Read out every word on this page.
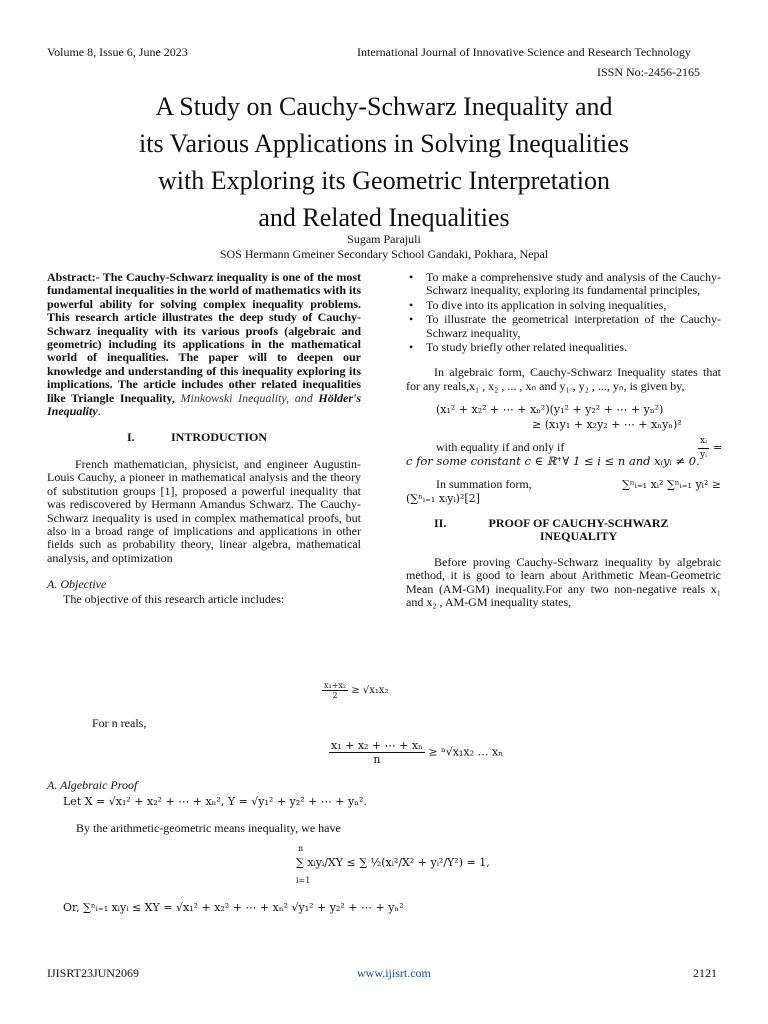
Volume 8, Issue 6, June 2023	International Journal of Innovative Science and Research Technology
ISSN No:-2456-2165
A Study on Cauchy-Schwarz Inequality and
its Various Applications in Solving Inequalities
with Exploring its Geometric Interpretation
and Related Inequalities
Sugam Parajuli
SOS Hermann Gmeiner Secondary School Gandaki, Pokhara, Nepal
Abstract:- The Cauchy-Schwarz inequality is one of the most fundamental inequalities in the world of mathematics with its powerful ability for solving complex inequality problems. This research article illustrates the deep study of Cauchy-Schwarz inequality with its various proofs (algebraic and geometric) including its applications in the mathematical world of inequalities. The paper will to deepen our knowledge and understanding of this inequality exploring its implications. The article includes other related inequalities like Triangle Inequality, Minkowski Inequality, and Hölder's Inequality.
I.	INTRODUCTION
French mathematician, physicist, and engineer Augustin-Louis Cauchy, a pioneer in mathematical analysis and the theory of substitution groups [1], proposed a powerful inequality that was rediscovered by Hermann Amandus Schwarz. The Cauchy-Schwarz inequality is used in complex mathematical proofs, but also in a broad range of implications and applications in other fields such as probability theory, linear algebra, mathematical analysis, and optimization
A. Objective
The objective of this research article includes:
• To make a comprehensive study and analysis of the Cauchy-Schwarz inequality, exploring its fundamental principles,
• To dive into its application in solving inequalities,
• To illustrate the geometrical interpretation of the Cauchy-Schwarz inequality,
• To study briefly other related inequalities.
In algebraic form, Cauchy-Schwarz Inequality states that for any reals,x₁ , x₂ , ... , xₙ and y₁ , y₂ , ..., yₙ, is given by,
(x₁² + x₂² + ⋯ + xₙ²)(y₁² + y₂² + ⋯ + yₙ²)
≥ (x₁y₁ + x₂y₂ + ⋯ + xₙyₙ)²
with equality if and only if	$\frac{\text{xᵢ}}{\text{yᵢ}}$ =
c for some constant c ∈ ℝ⁺∀ 1 ≤ i ≤ n and xᵢyᵢ ≠ 0.
In summation form,	∑ⁿᵢ₌₁ xᵢ² ∑ⁿᵢ₌₁ yᵢ² ≥
(∑ⁿᵢ₌₁ xᵢyᵢ)²[2]
II.	PROOF OF CAUCHY-SCHWARZ
INEQUALITY
Before proving Cauchy-Schwarz inequality by algebraic method, it is good to learn about Arithmetic Mean-Geometric Mean (AM-GM) inequality.For any two non-negative reals x₁ and x₂ , AM-GM inequality states,
$\frac{\text{x₁+x₂}}{2} \ge √x_1x_2$
For n reals,
$\frac{\text{x₁ + x₂ + ⋯ + xₙ}}{n} \ge ^n√x_1x_2$ … xₙ
A. Algebraic Proof
Let X = √x₁² + x₂² + ⋯ + xₙ², Y = √y₁² + y₂² + ⋯ + yₙ².
By the arithmetic-geometric means inequality, we have
n
i=1
∑ xᵢyᵢ/XY ≤ ∑ ½(xᵢ²/X² + yᵢ²/Y²) = 1,
Or, ∑ⁿᵢ₌₁ xᵢyᵢ ≤ XY = √x₁² + x₂² + ⋯ + xₙ² √y₁² + y₂² + ⋯ + yₙ²
IJISRT23JUN2069	www.ijisrt.com	2121
